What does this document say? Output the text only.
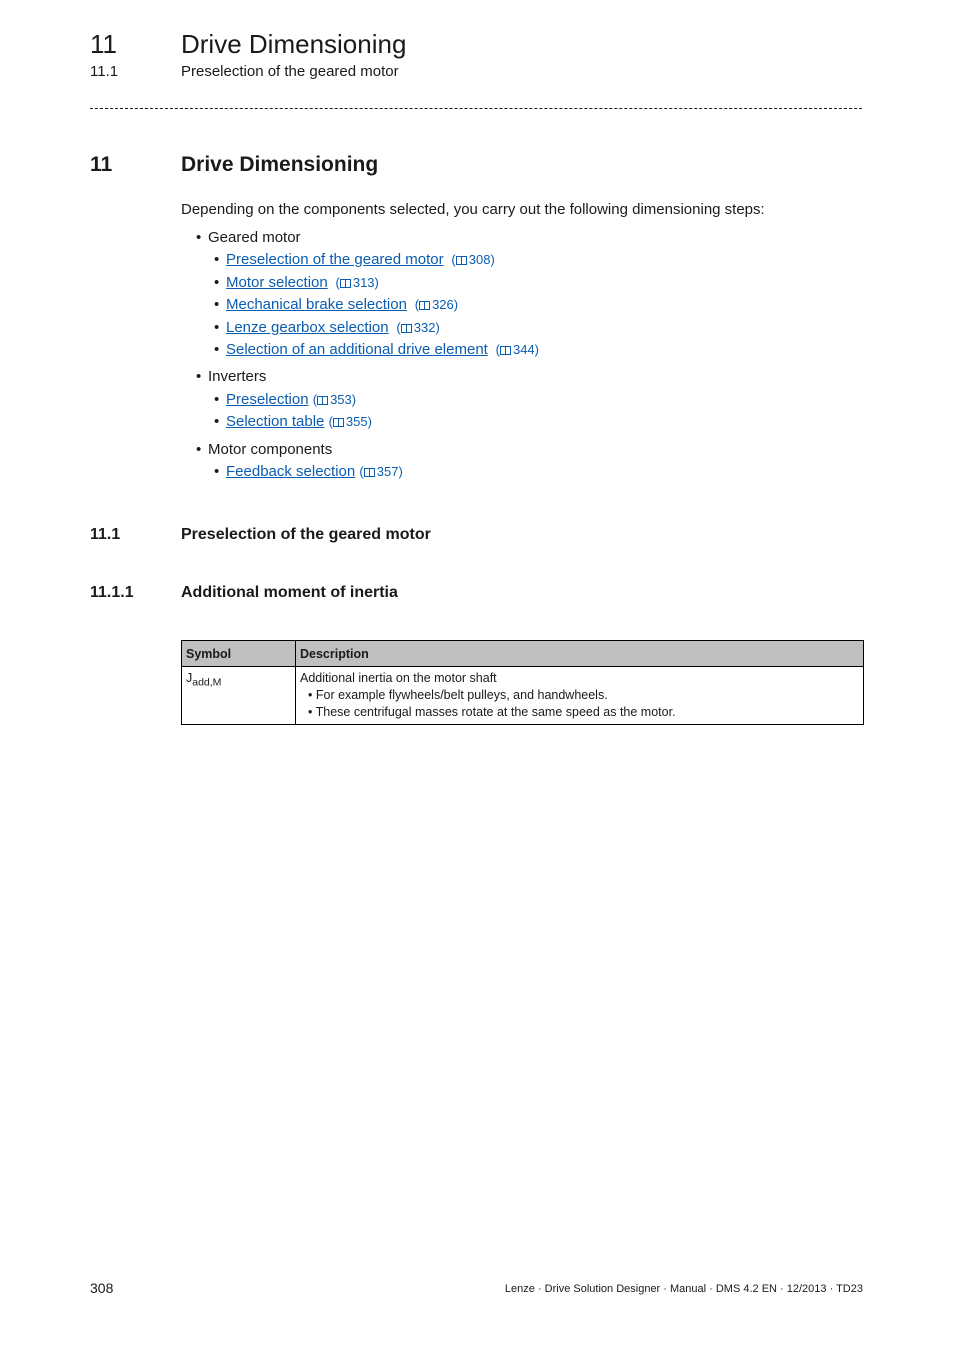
11 Drive Dimensioning
11.1	Preselection of the geared motor
11	Drive Dimensioning
Depending on the components selected, you carry out the following dimensioning steps:
• Geared motor
• Preselection of the geared motor  ( 308)
• Motor selection  ( 313)
• Mechanical brake selection  ( 326)
• Lenze gearbox selection  ( 332)
• Selection of an additional drive element  ( 344)
• Inverters
• Preselection ( 353)
• Selection table ( 355)
• Motor components
• Feedback selection ( 357)
11.1	Preselection of the geared motor
11.1.1	Additional moment of inertia
Symbol	Description
$J_{add,M}$	Additional inertia on the motor shaft
• For example flywheels/belt pulleys, and handwheels.
• These centrifugal masses rotate at the same speed as the motor.
308	Lenze · Drive Solution Designer · Manual · DMS 4.2 EN · 12/2013 · TD23
